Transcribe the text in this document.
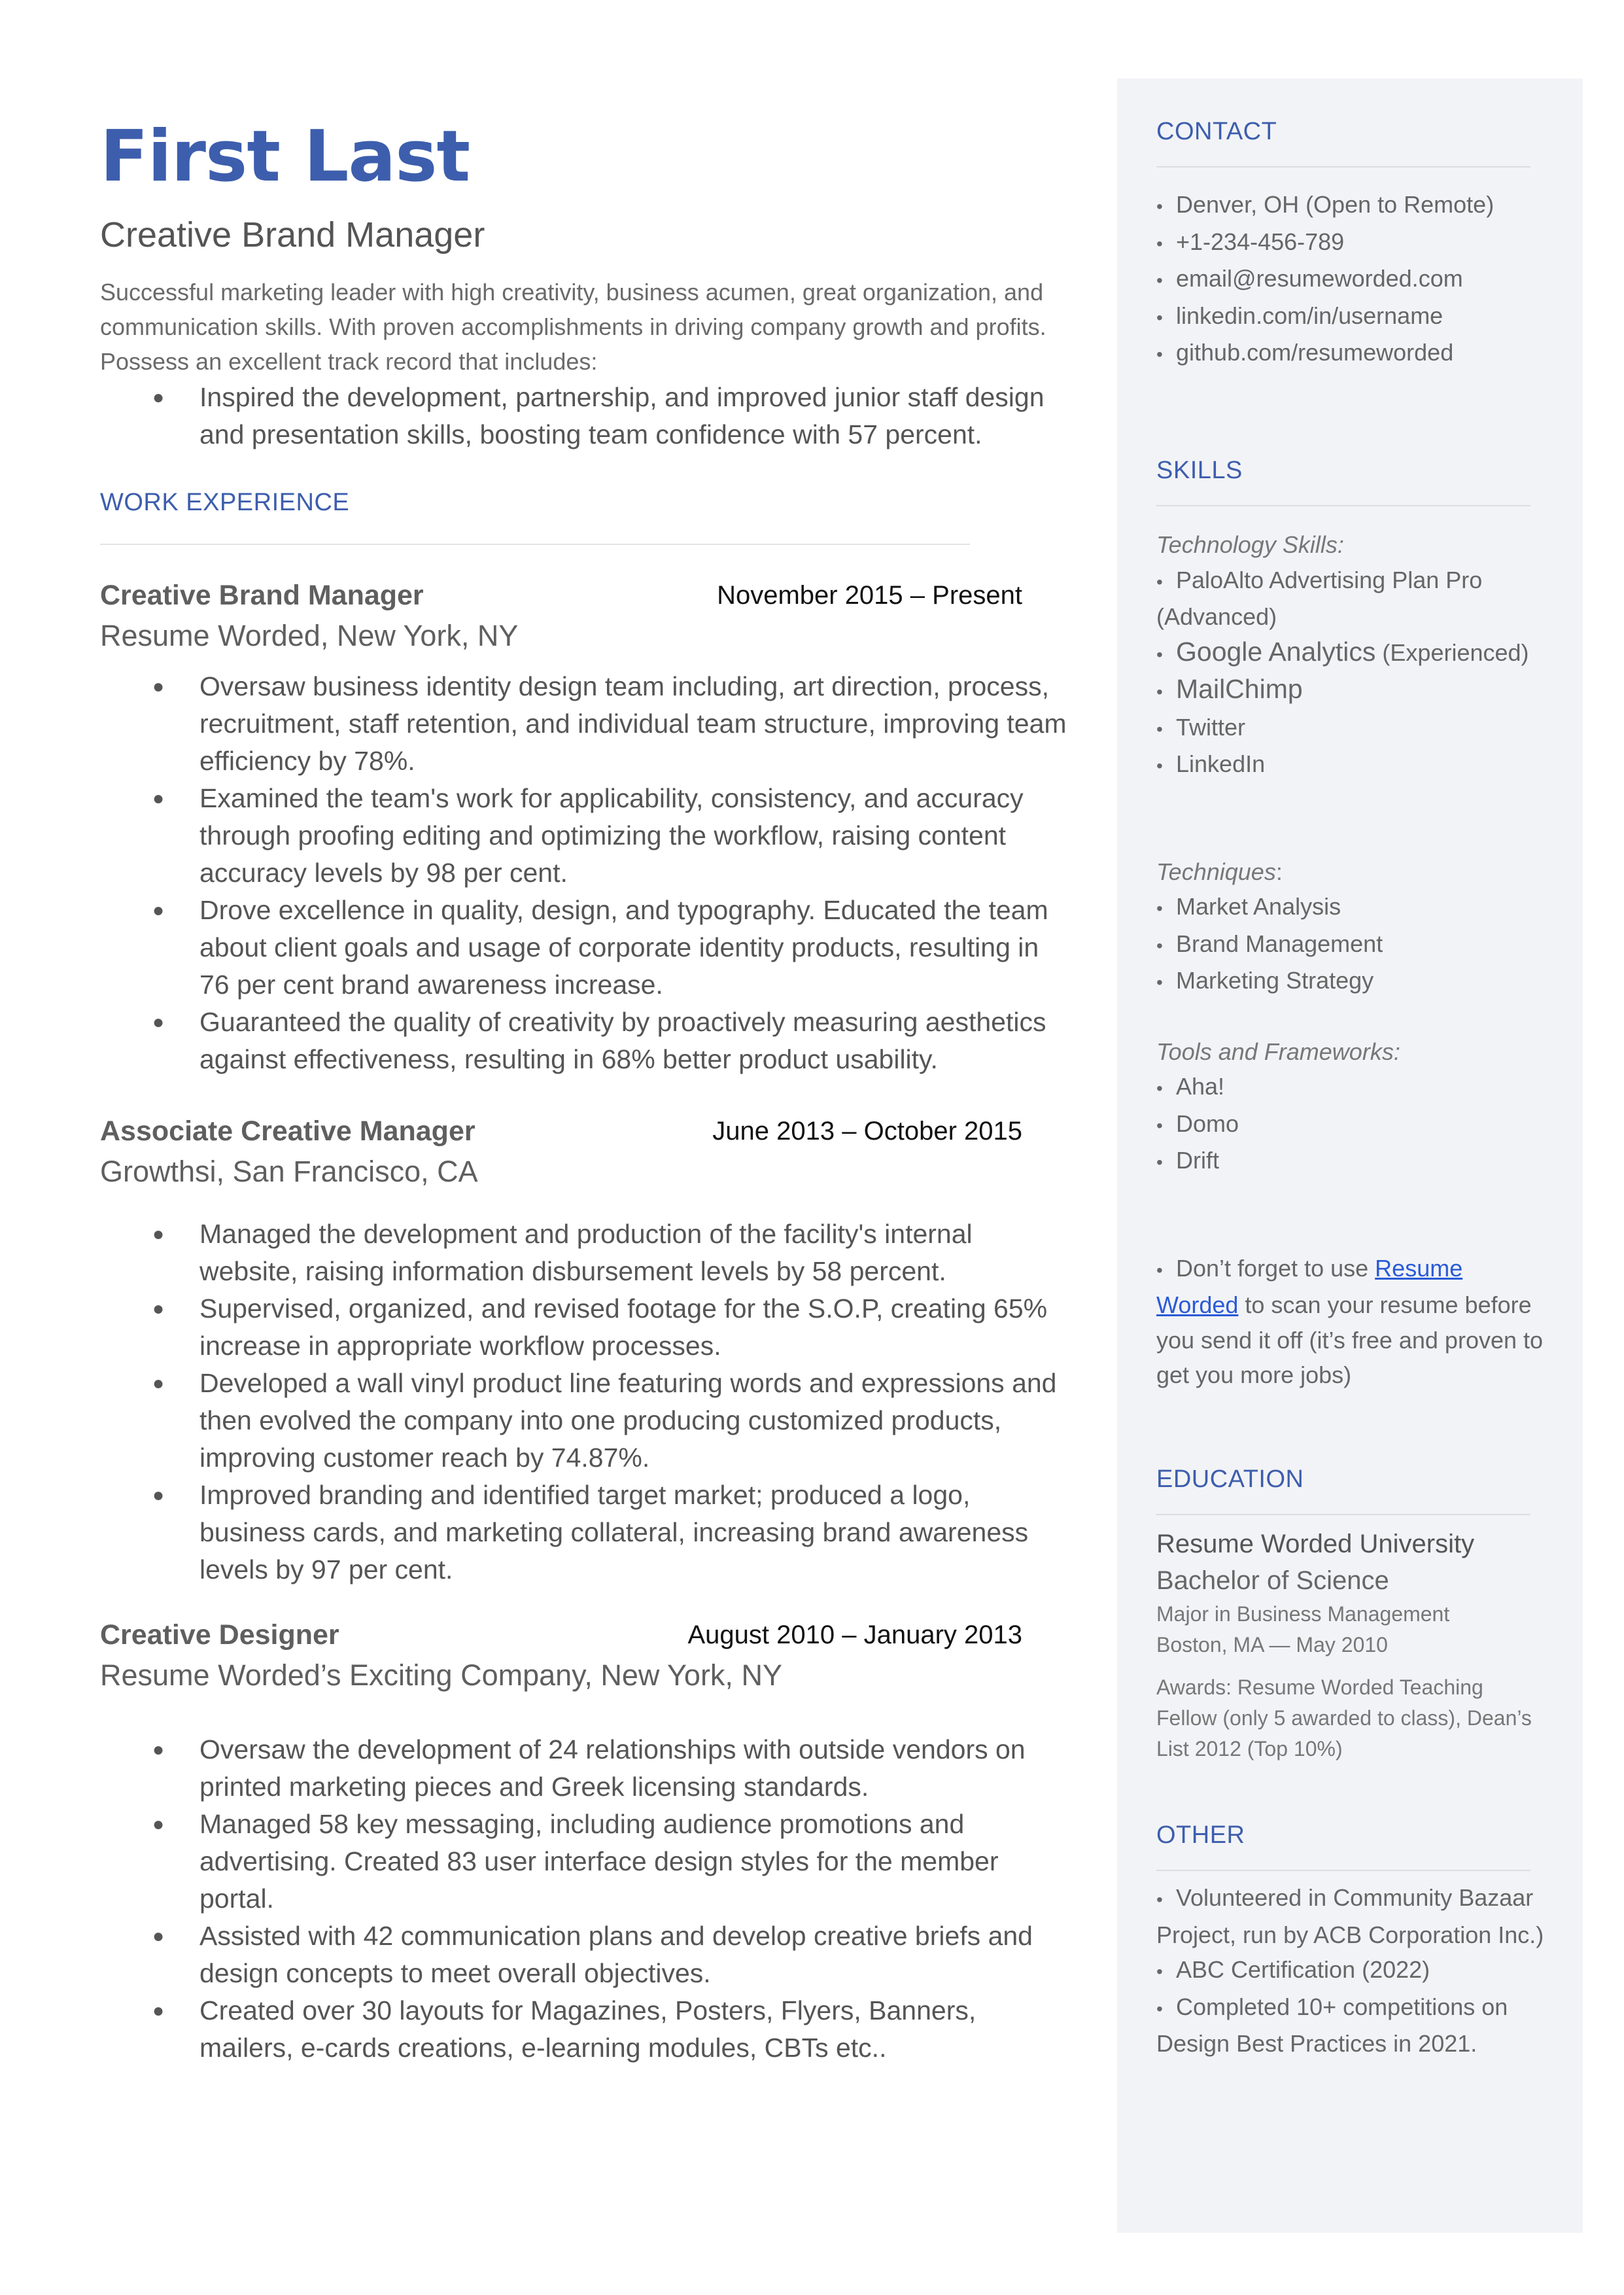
First Last
Creative Brand Manager
Successful marketing leader with high creativity, business acumen, great organization, and communication skills. With proven accomplishments in driving company growth and profits. Possess an excellent track record that includes:
● Inspired the development, partnership, and improved junior staff design and presentation skills, boosting team confidence with 57 percent.
WORK EXPERIENCE
Creative Brand Manager	November 2015 – Present
Resume Worded, New York, NY
● Oversaw business identity design team including, art direction, process, recruitment, staff retention, and individual team structure, improving team efficiency by 78%.
● Examined the team's work for applicability, consistency, and accuracy through proofing editing and optimizing the workflow, raising content accuracy levels by 98 per cent.
● Drove excellence in quality, design, and typography. Educated the team about client goals and usage of corporate identity products, resulting in 76 per cent brand awareness increase.
● Guaranteed the quality of creativity by proactively measuring aesthetics against effectiveness, resulting in 68% better product usability.
Associate Creative Manager	June 2013 – October 2015
Growthsi, San Francisco, CA
● Managed the development and production of the facility's internal website, raising information disbursement levels by 58 percent.
● Supervised, organized, and revised footage for the S.O.P, creating 65% increase in appropriate workflow processes.
● Developed a wall vinyl product line featuring words and expressions and then evolved the company into one producing customized products, improving customer reach by 74.87%.
● Improved branding and identified target market; produced a logo, business cards, and marketing collateral, increasing brand awareness levels by 97 per cent.
Creative Designer	August 2010 – January 2013
Resume Worded’s Exciting Company, New York, NY
● Oversaw the development of 24 relationships with outside vendors on printed marketing pieces and Greek licensing standards.
● Managed 58 key messaging, including audience promotions and advertising. Created 83 user interface design styles for the member portal.
● Assisted with 42 communication plans and develop creative briefs and design concepts to meet overall objectives.
● Created over 30 layouts for Magazines, Posters, Flyers, Banners, mailers, e-cards creations, e-learning modules, CBTs etc..
CONTACT
• Denver, OH (Open to Remote)
• +1-234-456-789
• email@resumeworded.com
• linkedin.com/in/username
• github.com/resumeworded
SKILLS
Technology Skills:
• PaloAlto Advertising Plan Pro (Advanced)
• Google Analytics (Experienced)
• MailChimp
• Twitter
• LinkedIn
Techniques:
• Market Analysis
• Brand Management
• Marketing Strategy
Tools and Frameworks:
• Aha!
• Domo
• Drift
• Don’t forget to use Resume Worded to scan your resume before you send it off (it’s free and proven to get you more jobs)
EDUCATION
Resume Worded University
Bachelor of Science
Major in Business Management
Boston, MA — May 2010
Awards: Resume Worded Teaching Fellow (only 5 awarded to class), Dean’s List 2012 (Top 10%)
OTHER
• Volunteered in Community Bazaar Project, run by ACB Corporation Inc.)
• ABC Certification (2022)
• Completed 10+ competitions on Design Best Practices in 2021.
